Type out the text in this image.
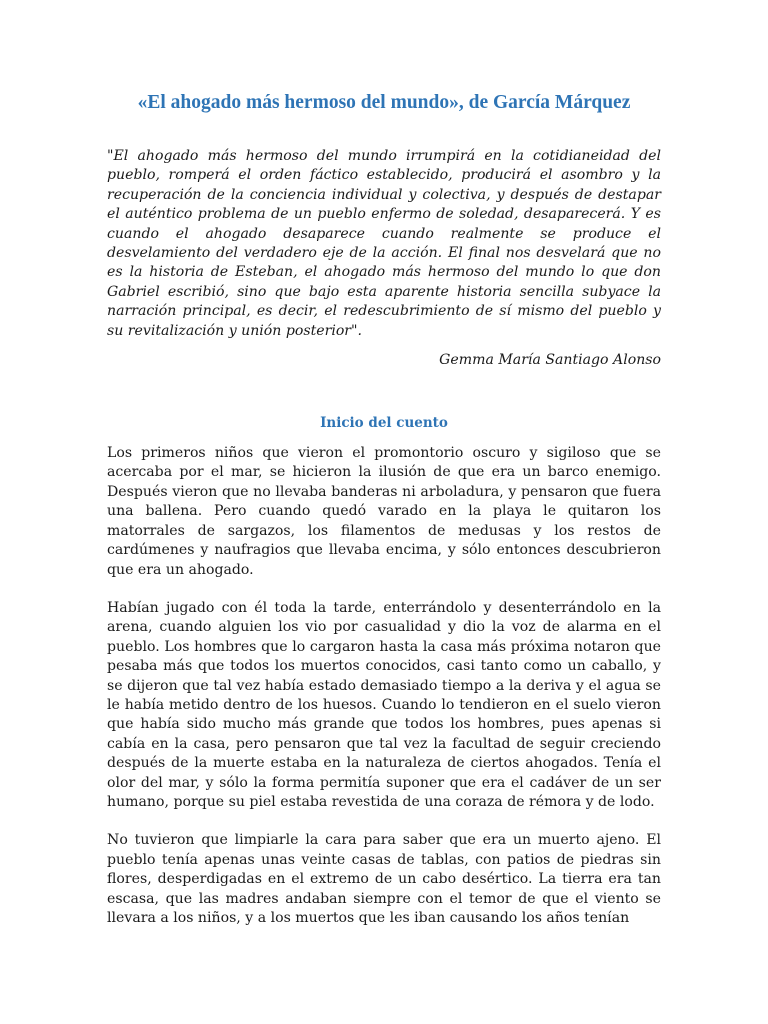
«El ahogado más hermoso del mundo», de García Márquez

"El ahogado más hermoso del mundo irrumpirá en la cotidianeidad del pueblo, romperá el orden fáctico establecido, producirá el asombro y la recuperación de la conciencia individual y colectiva, y después de destapar el auténtico problema de un pueblo enfermo de soledad, desaparecerá. Y es cuando el ahogado desaparece cuando realmente se produce el desvelamiento del verdadero eje de la acción. El final nos desvelará que no es la historia de Esteban, el ahogado más hermoso del mundo lo que don Gabriel escribió, sino que bajo esta aparente historia sencilla subyace la narración principal, es decir, el redescubrimiento de sí mismo del pueblo y su revitalización y unión posterior".

Gemma María Santiago Alonso

Inicio del cuento

Los primeros niños que vieron el promontorio oscuro y sigiloso que se acercaba por el mar, se hicieron la ilusión de que era un barco enemigo. Después vieron que no llevaba banderas ni arboladura, y pensaron que fuera una ballena. Pero cuando quedó varado en la playa le quitaron los matorrales de sargazos, los filamentos de medusas y los restos de cardúmenes y naufragios que llevaba encima, y sólo entonces descubrieron que era un ahogado.

Habían jugado con él toda la tarde, enterrándolo y desenterrándolo en la arena, cuando alguien los vio por casualidad y dio la voz de alarma en el pueblo. Los hombres que lo cargaron hasta la casa más próxima notaron que pesaba más que todos los muertos conocidos, casi tanto como un caballo, y se dijeron que tal vez había estado demasiado tiempo a la deriva y el agua se le había metido dentro de los huesos. Cuando lo tendieron en el suelo vieron que había sido mucho más grande que todos los hombres, pues apenas si cabía en la casa, pero pensaron que tal vez la facultad de seguir creciendo después de la muerte estaba en la naturaleza de ciertos ahogados. Tenía el olor del mar, y sólo la forma permitía suponer que era el cadáver de un ser humano, porque su piel estaba revestida de una coraza de rémora y de lodo.

No tuvieron que limpiarle la cara para saber que era un muerto ajeno. El pueblo tenía apenas unas veinte casas de tablas, con patios de piedras sin flores, desperdigadas en el extremo de un cabo desértico. La tierra era tan escasa, que las madres andaban siempre con el temor de que el viento se llevara a los niños, y a los muertos que les iban causando los años tenían
